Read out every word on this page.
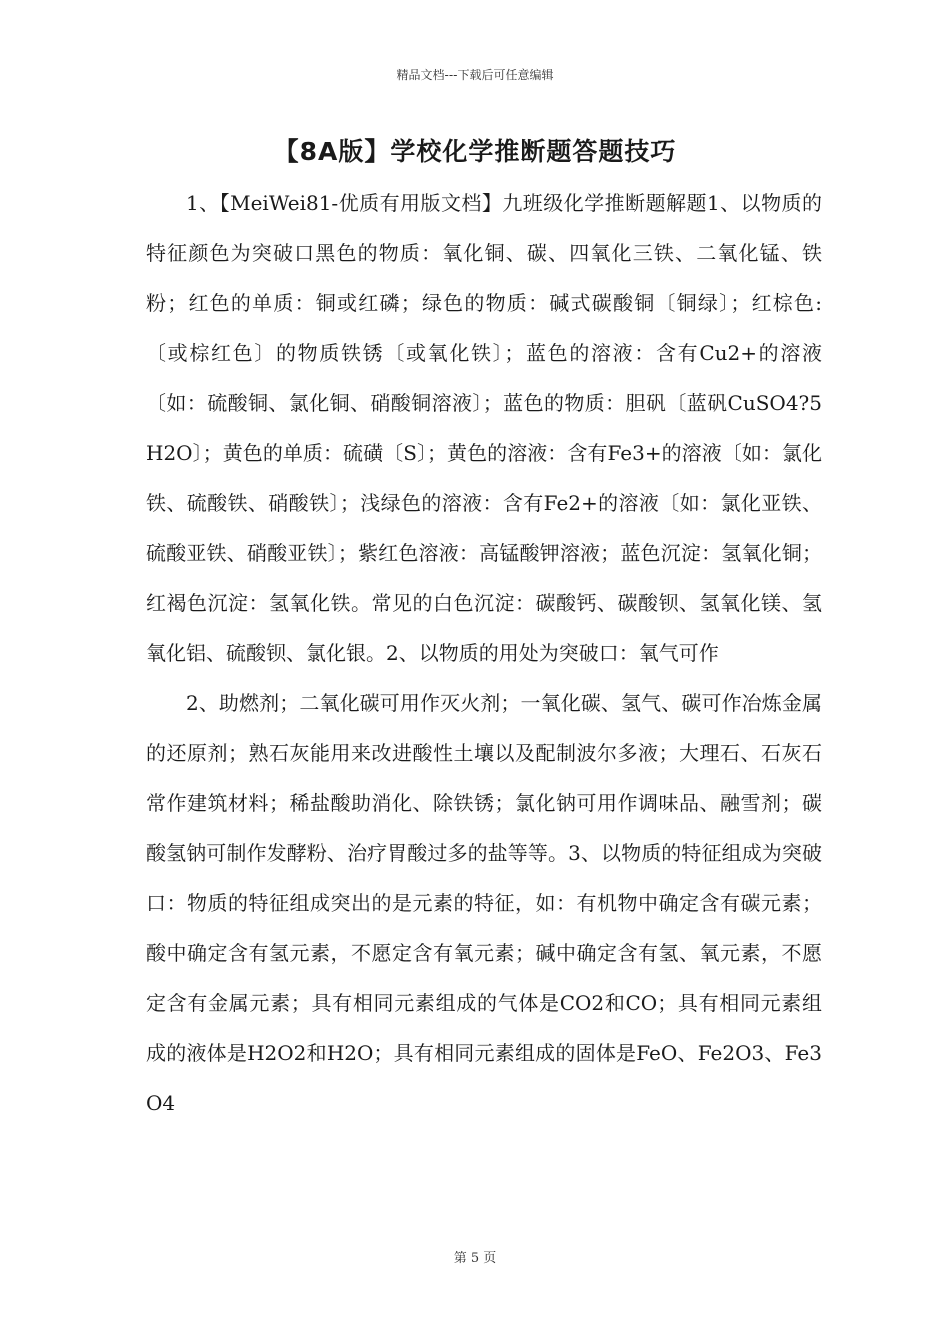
精品文档---下载后可任意编辑
【8A版】学校化学推断题答题技巧

1、【MeiWei81-优质有用版文档】九班级化学推断题解题1、以物质的特征颜色为突破口黑色的物质：氧化铜、碳、四氧化三铁、二氧化锰、铁粉；红色的单质：铜或红磷；绿色的物质：碱式碳酸铜〔铜绿〕；红棕色:〔或棕红色〕的物质铁锈〔或氧化铁〕；蓝色的溶液：含有Cu2+的溶液〔如：硫酸铜、氯化铜、硝酸铜溶液〕；蓝色的物质：胆矾〔蓝矾CuSO4?5H2O〕；黄色的单质：硫磺〔S〕；黄色的溶液：含有Fe3+的溶液〔如：氯化铁、硫酸铁、硝酸铁〕；浅绿色的溶液：含有Fe2+的溶液〔如：氯化亚铁、硫酸亚铁、硝酸亚铁〕；紫红色溶液：高锰酸钾溶液；蓝色沉淀：氢氧化铜；红褐色沉淀：氢氧化铁。常见的白色沉淀：碳酸钙、碳酸钡、氢氧化镁、氢氧化铝、硫酸钡、氯化银。2、以物质的用处为突破口：氧气可作

2、助燃剂；二氧化碳可用作灭火剂；一氧化碳、氢气、碳可作冶炼金属的还原剂；熟石灰能用来改进酸性土壤以及配制波尔多液；大理石、石灰石常作建筑材料；稀盐酸助消化、除铁锈；氯化钠可用作调味品、融雪剂；碳酸氢钠可制作发酵粉、治疗胃酸过多的盐等等。3、以物质的特征组成为突破口：物质的特征组成突出的是元素的特征，如：有机物中确定含有碳元素；酸中确定含有氢元素，不愿定含有氧元素；碱中确定含有氢、氧元素，不愿定含有金属元素；具有相同元素组成的气体是CO2和CO；具有相同元素组成的液体是H2O2和H2O；具有相同元素组成的固体是FeO、Fe2O3、Fe3O4

第 5 页
